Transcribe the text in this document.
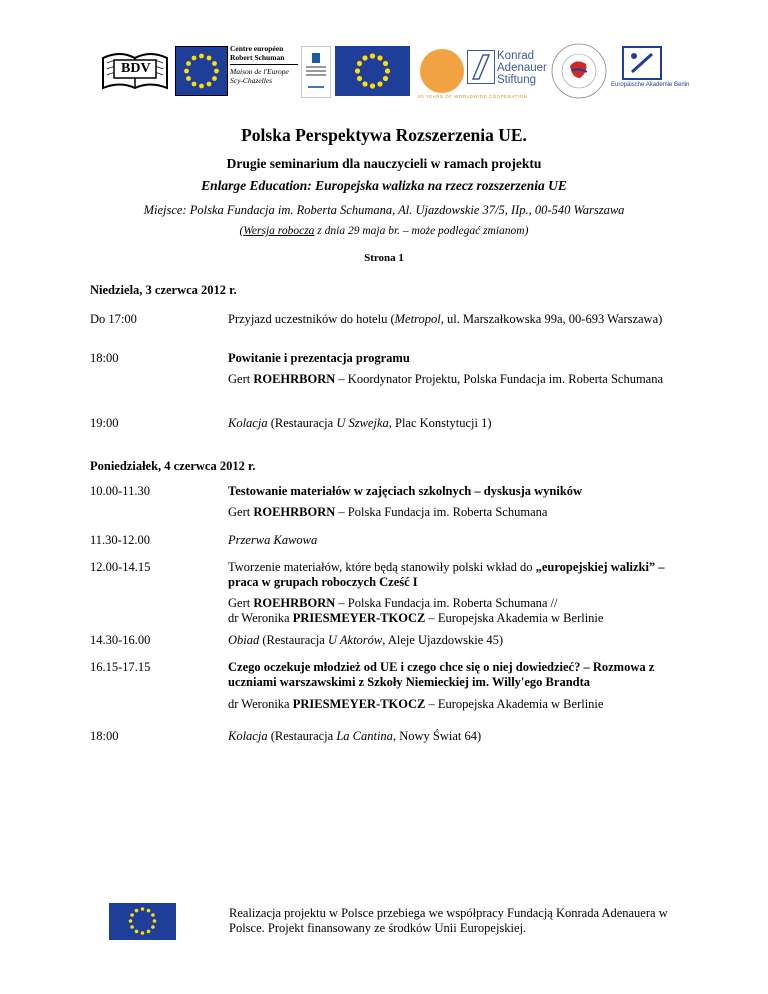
BDV
Centre européen
Robert Schuman
Maison de l'Europe
Scy-Chazelles
Konrad
Adenauer
Stiftung
50 YEARS OF WORLDWIDE COOPERATION
Europäische Akademie Berlin
Polska Perspektywa Rozszerzenia UE.
Drugie seminarium dla nauczycieli w ramach projektu
Enlarge Education: Europejska walizka na rzecz rozszerzenia UE
Miejsce: Polska Fundacja im. Roberta Schumana, Al. Ujazdowskie 37/5, IIp., 00-540 Warszawa
(Wersja robocza z dnia 29 maja br. – może podlegać zmianom)
Strona 1
Niedziela, 3 czerwca 2012 r.
Do 17:00	Przyjazd uczestników do hotelu (Metropol, ul. Marszałkowska 99a, 00-693 Warszawa)
18:00	Powitanie i prezentacja programu
Gert ROEHRBORN – Koordynator Projektu, Polska Fundacja im. Roberta Schumana
19:00	Kolacja (Restauracja U Szwejka, Plac Konstytucji 1)
Poniedziałek, 4 czerwca 2012 r.
10.00-11.30	Testowanie materiałów w zajęciach szkolnych – dyskusja wyników
Gert ROEHRBORN – Polska Fundacja im. Roberta Schumana
11.30-12.00	Przerwa Kawowa
12.00-14.15	Tworzenie materiałów, które będą stanowiły polski wkład do „europejskiej walizki” – praca w grupach roboczych Cześć I
Gert ROEHRBORN – Polska Fundacja im. Roberta Schumana //
dr Weronika PRIESMEYER-TKOCZ – Europejska Akademia w Berlinie
14.30-16.00	Obiad (Restauracja U Aktorów, Aleje Ujazdowskie 45)
16.15-17.15	Czego oczekuje młodzież od UE i czego chce się o niej dowiedzieć? – Rozmowa z uczniami warszawskimi z Szkoły Niemieckiej im. Willy'ego Brandta
dr Weronika PRIESMEYER-TKOCZ – Europejska Akademia w Berlinie
18:00	Kolacja (Restauracja La Cantina, Nowy Świat 64)
Realizacja projektu w Polsce przebiega we współpracy Fundacją Konrada Adenauera w Polsce. Projekt finansowany ze środków Unii Europejskiej.
